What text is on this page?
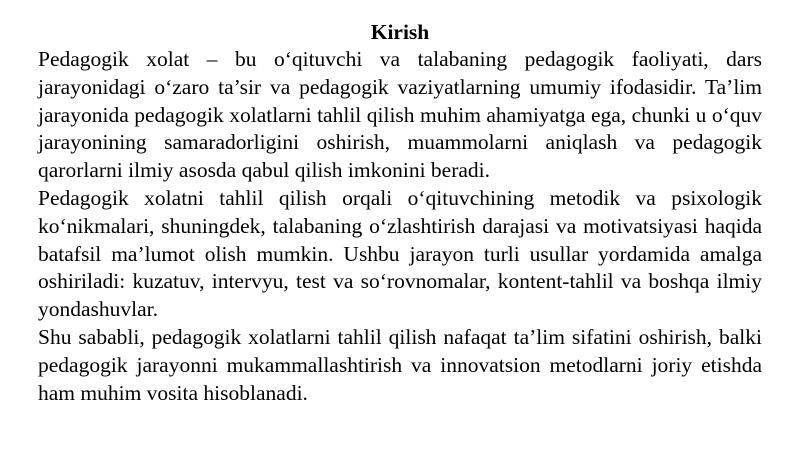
Kirish

Pedagogik xolat – bu o‘qituvchi va talabaning pedagogik faoliyati, dars jarayonidagi o‘zaro ta’sir va pedagogik vaziyatlarning umumiy ifodasidir. Ta’lim jarayonida pedagogik xolatlarni tahlil qilish muhim ahamiyatga ega, chunki u o‘quv jarayonining samaradorligini oshirish, muammolarni aniqlash va pedagogik qarorlarni ilmiy asosda qabul qilish imkonini beradi.

Pedagogik xolatni tahlil qilish orqali o‘qituvchining metodik va psixologik ko‘nikmalari, shuningdek, talabaning o‘zlashtirish darajasi va motivatsiyasi haqida batafsil ma’lumot olish mumkin. Ushbu jarayon turli usullar yordamida amalga oshiriladi: kuzatuv, intervyu, test va so‘rovnomalar, kontent-tahlil va boshqa ilmiy yondashuvlar.

Shu sababli, pedagogik xolatlarni tahlil qilish nafaqat ta’lim sifatini oshirish, balki pedagogik jarayonni mukammallashtirish va innovatsion metodlarni joriy etishda ham muhim vosita hisoblanadi.
